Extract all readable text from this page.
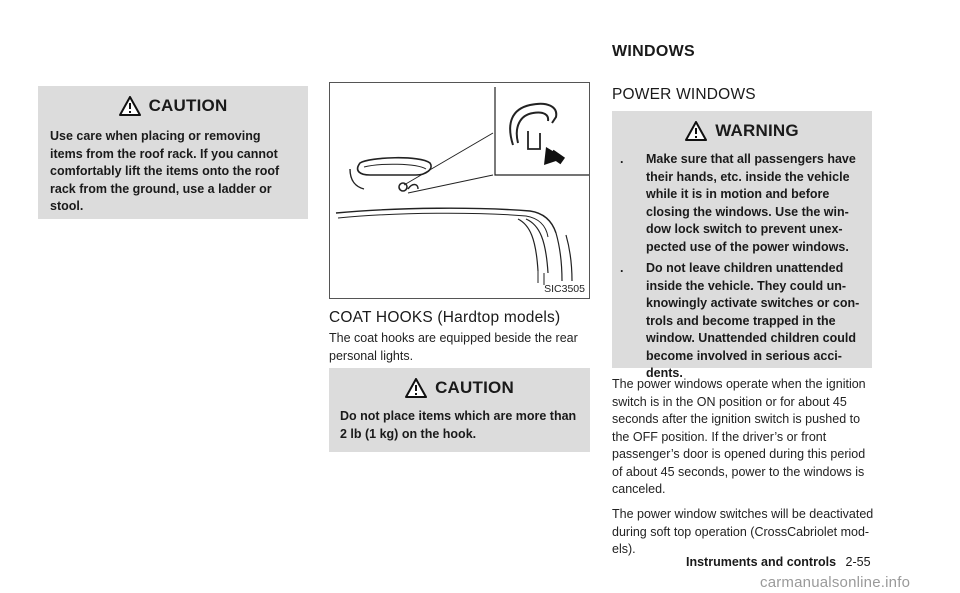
CAUTION
Use care when placing or removing
items from the roof rack. If you cannot
comfortably lift the items onto the roof
rack from the ground, use a ladder or
stool.
SIC3505
COAT HOOKS (Hardtop models)
The coat hooks are equipped beside the rear
personal lights.
CAUTION
Do not place items which are more than
2 lb (1 kg) on the hook.
WINDOWS
POWER WINDOWS
WARNING
.	Make sure that all passengers have
their hands, etc. inside the vehicle
while it is in motion and before
closing the windows. Use the win-
dow lock switch to prevent unex-
pected use of the power windows.
.	Do not leave children unattended
inside the vehicle. They could un-
knowingly activate switches or con-
trols and become trapped in the
window. Unattended children could
become involved in serious acci-
dents.
The power windows operate when the ignition
switch is in the ON position or for about 45
seconds after the ignition switch is pushed to
the OFF position. If the driver’s or front
passenger’s door is opened during this period
of about 45 seconds, power to the windows is
canceled.
The power window switches will be deactivated
during soft top operation (CrossCabriolet mod-
els).
Instruments and controls 2-55
carmanualsonline.info
